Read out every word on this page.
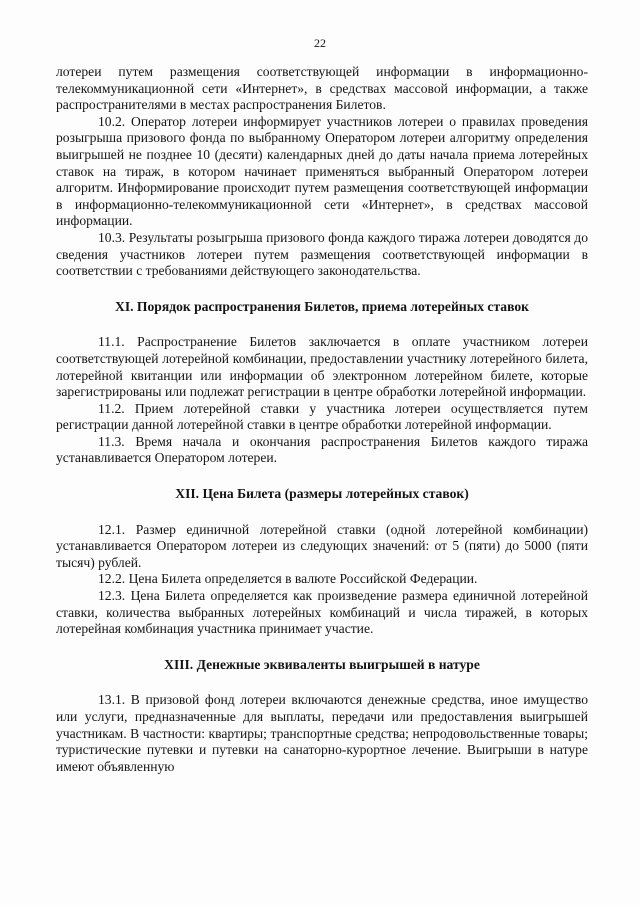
22

лотереи путем размещения соответствующей информации в информационно-телекоммуникационной сети «Интернет», в средствах массовой информации, а также распространителями в местах распространения Билетов.

10.2. Оператор лотереи информирует участников лотереи о правилах проведения розыгрыша призового фонда по выбранному Оператором лотереи алгоритму определения выигрышей не позднее 10 (десяти) календарных дней до даты начала приема лотерейных ставок на тираж, в котором начинает применяться выбранный Оператором лотереи алгоритм. Информирование происходит путем размещения соответствующей информации в информационно-телекоммуникационной сети «Интернет», в средствах массовой информации.

10.3. Результаты розыгрыша призового фонда каждого тиража лотереи доводятся до сведения участников лотереи путем размещения соответствующей информации в соответствии с требованиями действующего законодательства.

XI. Порядок распространения Билетов, приема лотерейных ставок

11.1. Распространение Билетов заключается в оплате участником лотереи соответствующей лотерейной комбинации, предоставлении участнику лотерейного билета, лотерейной квитанции или информации об электронном лотерейном билете, которые зарегистрированы или подлежат регистрации в центре обработки лотерейной информации.

11.2. Прием лотерейной ставки у участника лотереи осуществляется путем регистрации данной лотерейной ставки в центре обработки лотерейной информации.

11.3. Время начала и окончания распространения Билетов каждого тиража устанавливается Оператором лотереи.

XII. Цена Билета (размеры лотерейных ставок)

12.1. Размер единичной лотерейной ставки (одной лотерейной комбинации) устанавливается Оператором лотереи из следующих значений: от 5 (пяти) до 5000 (пяти тысяч) рублей.

12.2. Цена Билета определяется в валюте Российской Федерации.

12.3. Цена Билета определяется как произведение размера единичной лотерейной ставки, количества выбранных лотерейных комбинаций и числа тиражей, в которых лотерейная комбинация участника принимает участие.

XIII. Денежные эквиваленты выигрышей в натуре

13.1. В призовой фонд лотереи включаются денежные средства, иное имущество или услуги, предназначенные для выплаты, передачи или предоставления выигрышей участникам. В частности: квартиры; транспортные средства; непродовольственные товары; туристические путевки и путевки на санаторно-курортное лечение. Выигрыши в натуре имеют объявленную
